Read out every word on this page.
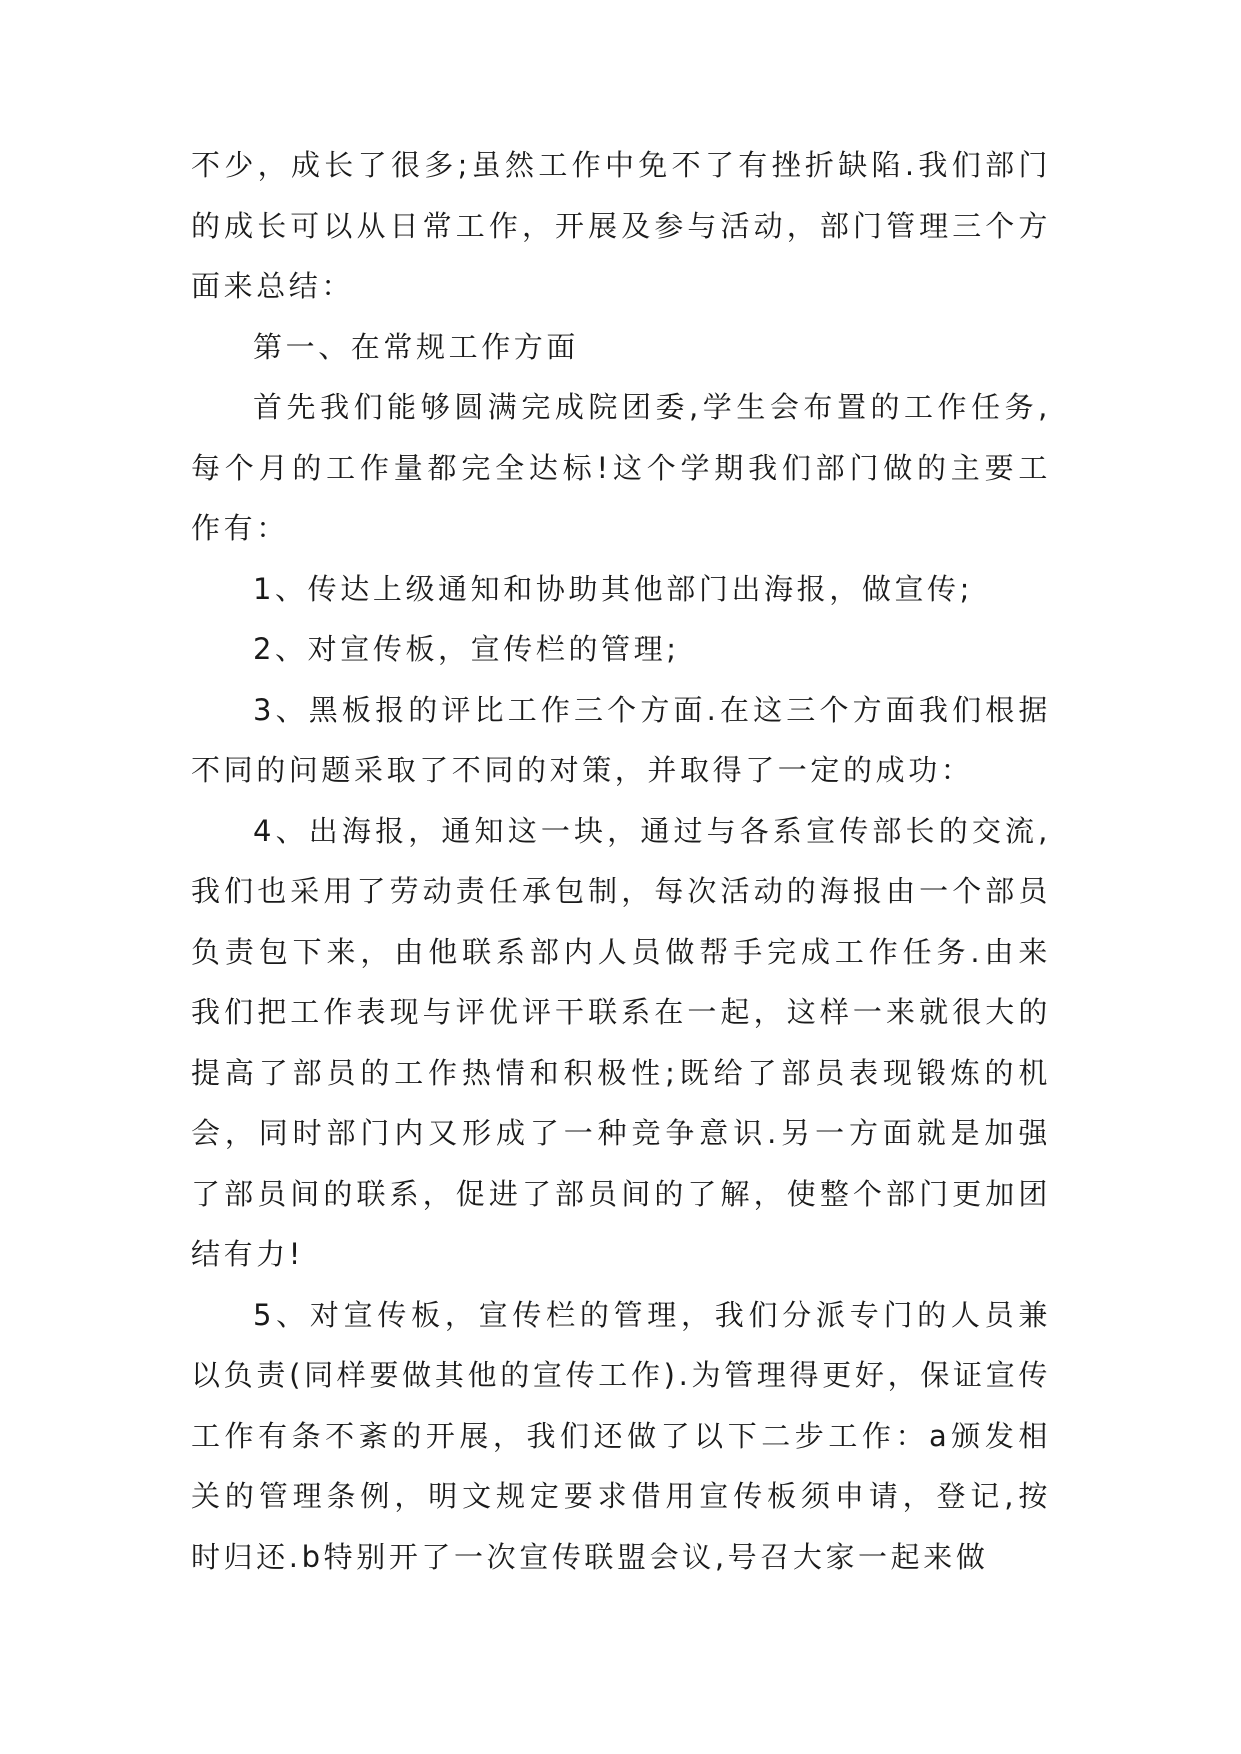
不少，成长了很多;虽然工作中免不了有挫折缺陷.我们部门的成长可以从日常工作，开展及参与活动，部门管理三个方面来总结：

第一、在常规工作方面

首先我们能够圆满完成院团委,学生会布置的工作任务,每个月的工作量都完全达标!这个学期我们部门做的主要工作有：

1、传达上级通知和协助其他部门出海报，做宣传;

2、对宣传板，宣传栏的管理;

3、黑板报的评比工作三个方面.在这三个方面我们根据不同的问题采取了不同的对策，并取得了一定的成功：

4、出海报，通知这一块，通过与各系宣传部长的交流,我们也采用了劳动责任承包制，每次活动的海报由一个部员负责包下来，由他联系部内人员做帮手完成工作任务.由来我们把工作表现与评优评干联系在一起，这样一来就很大的提高了部员的工作热情和积极性;既给了部员表现锻炼的机会，同时部门内又形成了一种竞争意识.另一方面就是加强了部员间的联系，促进了部员间的了解，使整个部门更加团结有力!

5、对宣传板，宣传栏的管理，我们分派专门的人员兼以负责(同样要做其他的宣传工作).为管理得更好，保证宣传工作有条不紊的开展，我们还做了以下二步工作：a颁发相关的管理条例，明文规定要求借用宣传板须申请，登记,按时归还.b特别开了一次宣传联盟会议,号召大家一起来做
